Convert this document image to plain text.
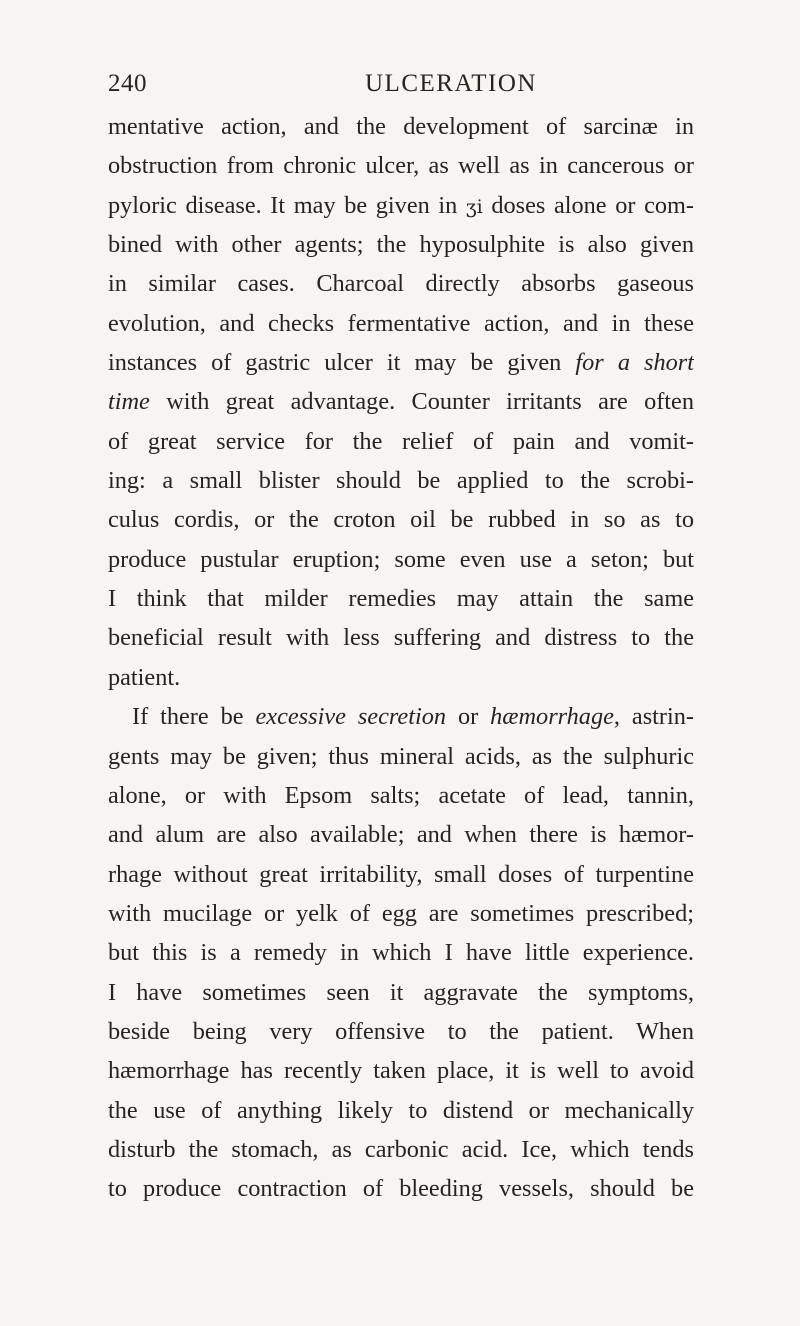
240	ULCERATION
mentative action, and the development of sarcinæ in
obstruction from chronic ulcer, as well as in cancerous or
pyloric disease. It may be given in ʒi doses alone or com-
bined with other agents; the hyposulphite is also given
in similar cases. Charcoal directly absorbs gaseous
evolution, and checks fermentative action, and in these
instances of gastric ulcer it may be given for a short
time with great advantage. Counter irritants are often
of great service for the relief of pain and vomit-
ing: a small blister should be applied to the scrobi-
culus cordis, or the croton oil be rubbed in so as to
produce pustular eruption; some even use a seton; but
I think that milder remedies may attain the same
beneficial result with less suffering and distress to the
patient.
If there be excessive secretion or hæmorrhage, astrin-
gents may be given; thus mineral acids, as the sulphuric
alone, or with Epsom salts; acetate of lead, tannin,
and alum are also available; and when there is hæmor-
rhage without great irritability, small doses of turpentine
with mucilage or yelk of egg are sometimes prescribed;
but this is a remedy in which I have little experience.
I have sometimes seen it aggravate the symptoms,
beside being very offensive to the patient. When
hæmorrhage has recently taken place, it is well to avoid
the use of anything likely to distend or mechanically
disturb the stomach, as carbonic acid. Ice, which tends
to produce contraction of bleeding vessels, should be
